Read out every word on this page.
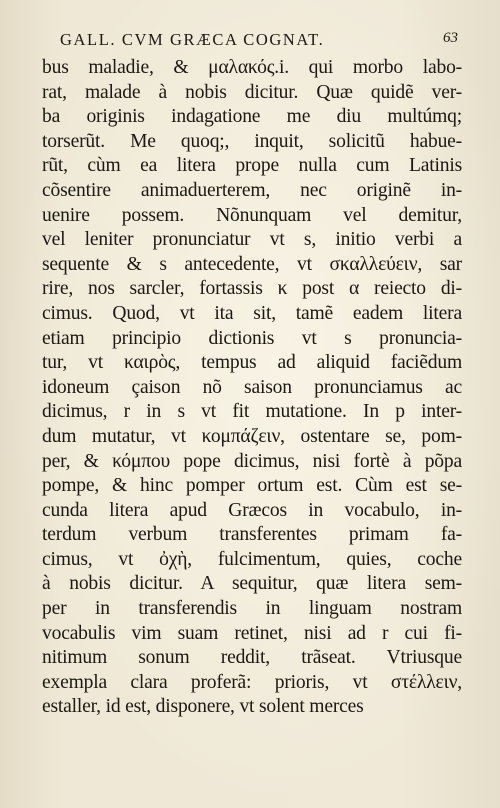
GALL. CVM GRÆCA COGNAT.	63
bus maladie, & μαλακός.i. qui morbo labo-
rat, malade à nobis dicitur. Quæ quidẽ ver-
ba originis indagatione me diu multúmq;
torserũt. Me quoq;, inquit, solicitũ habue-
rũt, cùm ea litera prope nulla cum Latinis
cõsentire animaduerterem, nec originẽ in-
uenire possem. Nõnunquam vel demitur,
vel leniter pronunciatur vt s, initio verbi a
sequente & s antecedente, vt σκαλλεύειν, sar
rire, nos sarcler, fortassis κ post α reiecto di-
cimus. Quod, vt ita sit, tamẽ eadem litera
etiam principio dictionis vt s pronuncia-
tur, vt καιρὸς, tempus ad aliquid faciẽdum
idoneum çaison nõ saison pronunciamus ac
dicimus, r in s vt fit mutatione. In p inter-
dum mutatur, vt κομπάζειν, ostentare se, pom-
per, & κόμπου pope dicimus, nisi fortè à põpa
pompe, & hinc pomper ortum est. Cùm est se-
cunda litera apud Græcos in vocabulo, in-
terdum verbum transferentes primam fa-
cimus, vt ὀχὴ, fulcimentum, quies, coche
à nobis dicitur. A sequitur, quæ litera sem-
per in transferendis in linguam nostram
vocabulis vim suam retinet, nisi ad r cui fi-
nitimum sonum reddit, trãseat. Vtriusque
exempla clara proferã: prioris, vt στέλλειν,
estaller, id est, disponere, vt solent merces
